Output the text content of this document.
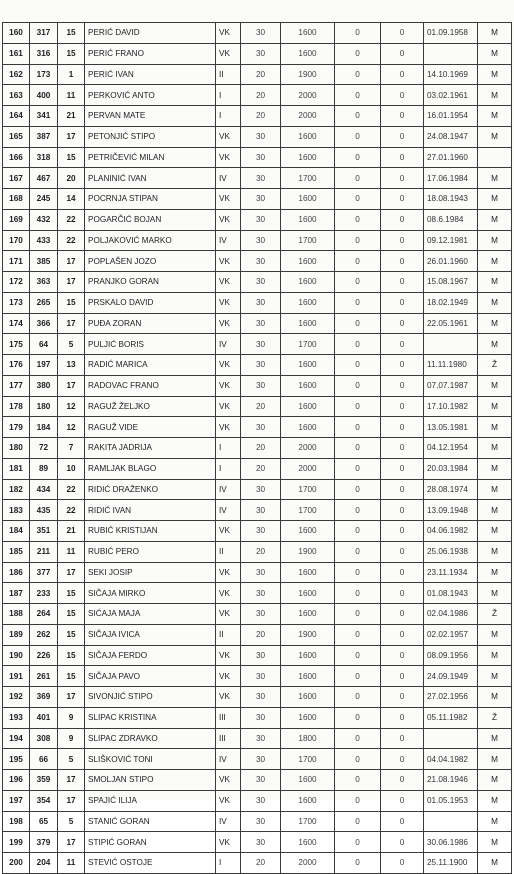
160	317	15	PERIĆ DAVID	VK	30	1600	0	0	01.09.1958	M
161	316	15	PERIĆ FRANO	VK	30	1600	0	0		M
162	173	1	PERIĆ IVAN	II	20	1900	0	0	14.10.1969	M
163	400	11	PERKOVIĆ ANTO	I	20	2000	0	0	03.02.1961	M
164	341	21	PERVAN MATE	I	20	2000	0	0	16.01.1954	M
165	387	17	PETONJIĆ STIPO	VK	30	1600	0	0	24.08.1947	M
166	318	15	PETRIČEVIĆ MILAN	VK	30	1600	0	0	27.01.1960	
167	467	20	PLANINIĆ IVAN	IV	30	1700	0	0	17.06.1984	M
168	245	14	POCRNJA STIPAN	VK	30	1600	0	0	18.08.1943	M
169	432	22	POGARČIĆ BOJAN	VK	30	1600	0	0	08.6.1984	M
170	433	22	POLJAKOVIĆ MARKO	IV	30	1700	0	0	09.12.1981	M
171	385	17	POPLAŠEN JOZO	VK	30	1600	0	0	26.01.1960	M
172	363	17	PRANJKO GORAN	VK	30	1600	0	0	15.08.1967	M
173	265	15	PRSKALO DAVID	VK	30	1600	0	0	18.02.1949	M
174	366	17	PUĐA ZORAN	VK	30	1600	0	0	22.05.1961	M
175	64	5	PULJIĆ BORIS	IV	30	1700	0	0		M
176	197	13	RADIĆ MARICA	VK	30	1600	0	0	11.11.1980	Ž
177	380	17	RADOVAC FRANO	VK	30	1600	0	0	07.07.1987	M
178	180	12	RAGUŽ ŽELJKO	VK	20	1600	0	0	17.10.1982	M
179	184	12	RAGUŽ VIDE	VK	30	1600	0	0	13.05.1981	M
180	72	7	RAKITA JADRIJA	I	20	2000	0	0	04.12.1954	M
181	89	10	RAMLJAK BLAGO	I	20	2000	0	0	20.03.1984	M
182	434	22	RIDIĆ DRAŽENKO	IV	30	1700	0	0	28.08.1974	M
183	435	22	RIDIĆ IVAN	IV	30	1700	0	0	13.09.1948	M
184	351	21	RUBIĆ KRISTIJAN	VK	30	1600	0	0	04.06.1982	M
185	211	11	RUBIĆ PERO	II	20	1900	0	0	25.06.1938	M
186	377	17	SEKI JOSIP	VK	30	1600	0	0	23.11.1934	M
187	233	15	SIČAJA MIRKO	VK	30	1600	0	0	01.08.1943	M
188	264	15	SIĆAJA MAJA	VK	30	1600	0	0	02.04.1986	Ž
189	262	15	SIČAJA IVICA	II	20	1900	0	0	02.02.1957	M
190	226	15	SIČAJA FERDO	VK	30	1600	0	0	08.09.1956	M
191	261	15	SIČAJA PAVO	VK	30	1600	0	0	24.09.1949	M
192	369	17	SIVONJIĆ STIPO	VK	30	1600	0	0	27.02.1956	M
193	401	9	SLIPAC KRISTINA	III	30	1600	0	0	05.11.1982	Ž
194	308	9	SLIPAC ZDRAVKO	III	30	1800	0	0		M
195	66	5	SLIŠKOVIĆ TONI	IV	30	1700	0	0	04.04.1982	M
196	359	17	SMOLJAN STIPO	VK	30	1600	0	0	21.08.1946	M
197	354	17	SPAJIĆ ILIJA	VK	30	1600	0	0	01.05.1953	M
198	65	5	STANIĆ GORAN	IV	30	1700	0	0		M
199	379	17	STIPIĆ GORAN	VK	30	1600	0	0	30.06.1986	M
200	204	11	STEVIĆ OSTOJE	I	20	2000	0	0	25.11.1900	M
